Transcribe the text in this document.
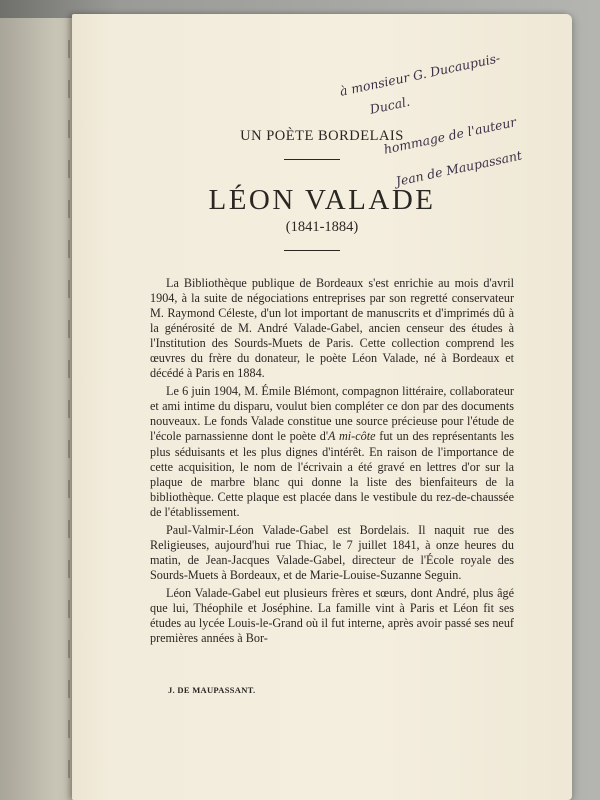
à monsieur G. Ducaupuis-
Ducal.
hommage de l'auteur
Jean de Maupassant
UN POÈTE BORDELAIS
LÉON VALADE
(1841-1884)

La Bibliothèque publique de Bordeaux s'est enrichie au mois d'avril 1904, à la suite de négociations entreprises par son regretté conservateur M. Raymond Céleste, d'un lot important de manuscrits et d'imprimés dû à la générosité de M. André Valade-Gabel, ancien censeur des études à l'Institution des Sourds-Muets de Paris. Cette collection comprend les œuvres du frère du donateur, le poète Léon Valade, né à Bordeaux et décédé à Paris en 1884.

Le 6 juin 1904, M. Émile Blémont, compagnon littéraire, collaborateur et ami intime du disparu, voulut bien compléter ce don par des documents nouveaux. Le fonds Valade constitue une source précieuse pour l'étude de l'école parnassienne dont le poète d'A mi-côte fut un des représentants les plus séduisants et les plus dignes d'intérêt. En raison de l'importance de cette acquisition, le nom de l'écrivain a été gravé en lettres d'or sur la plaque de marbre blanc qui donne la liste des bienfaiteurs de la bibliothèque. Cette plaque est placée dans le vestibule du rez-de-chaussée de l'établissement.

Paul-Valmir-Léon Valade-Gabel est Bordelais. Il naquit rue des Religieuses, aujourd'hui rue Thiac, le 7 juillet 1841, à onze heures du matin, de Jean-Jacques Valade-Gabel, directeur de l'École royale des Sourds-Muets à Bordeaux, et de Marie-Louise-Suzanne Seguin.

Léon Valade-Gabel eut plusieurs frères et sœurs, dont André, plus âgé que lui, Théophile et Joséphine. La famille vint à Paris et Léon fit ses études au lycée Louis-le-Grand où il fut interne, après avoir passé ses neuf premières années à Bor-

J. DE MAUPASSANT.
